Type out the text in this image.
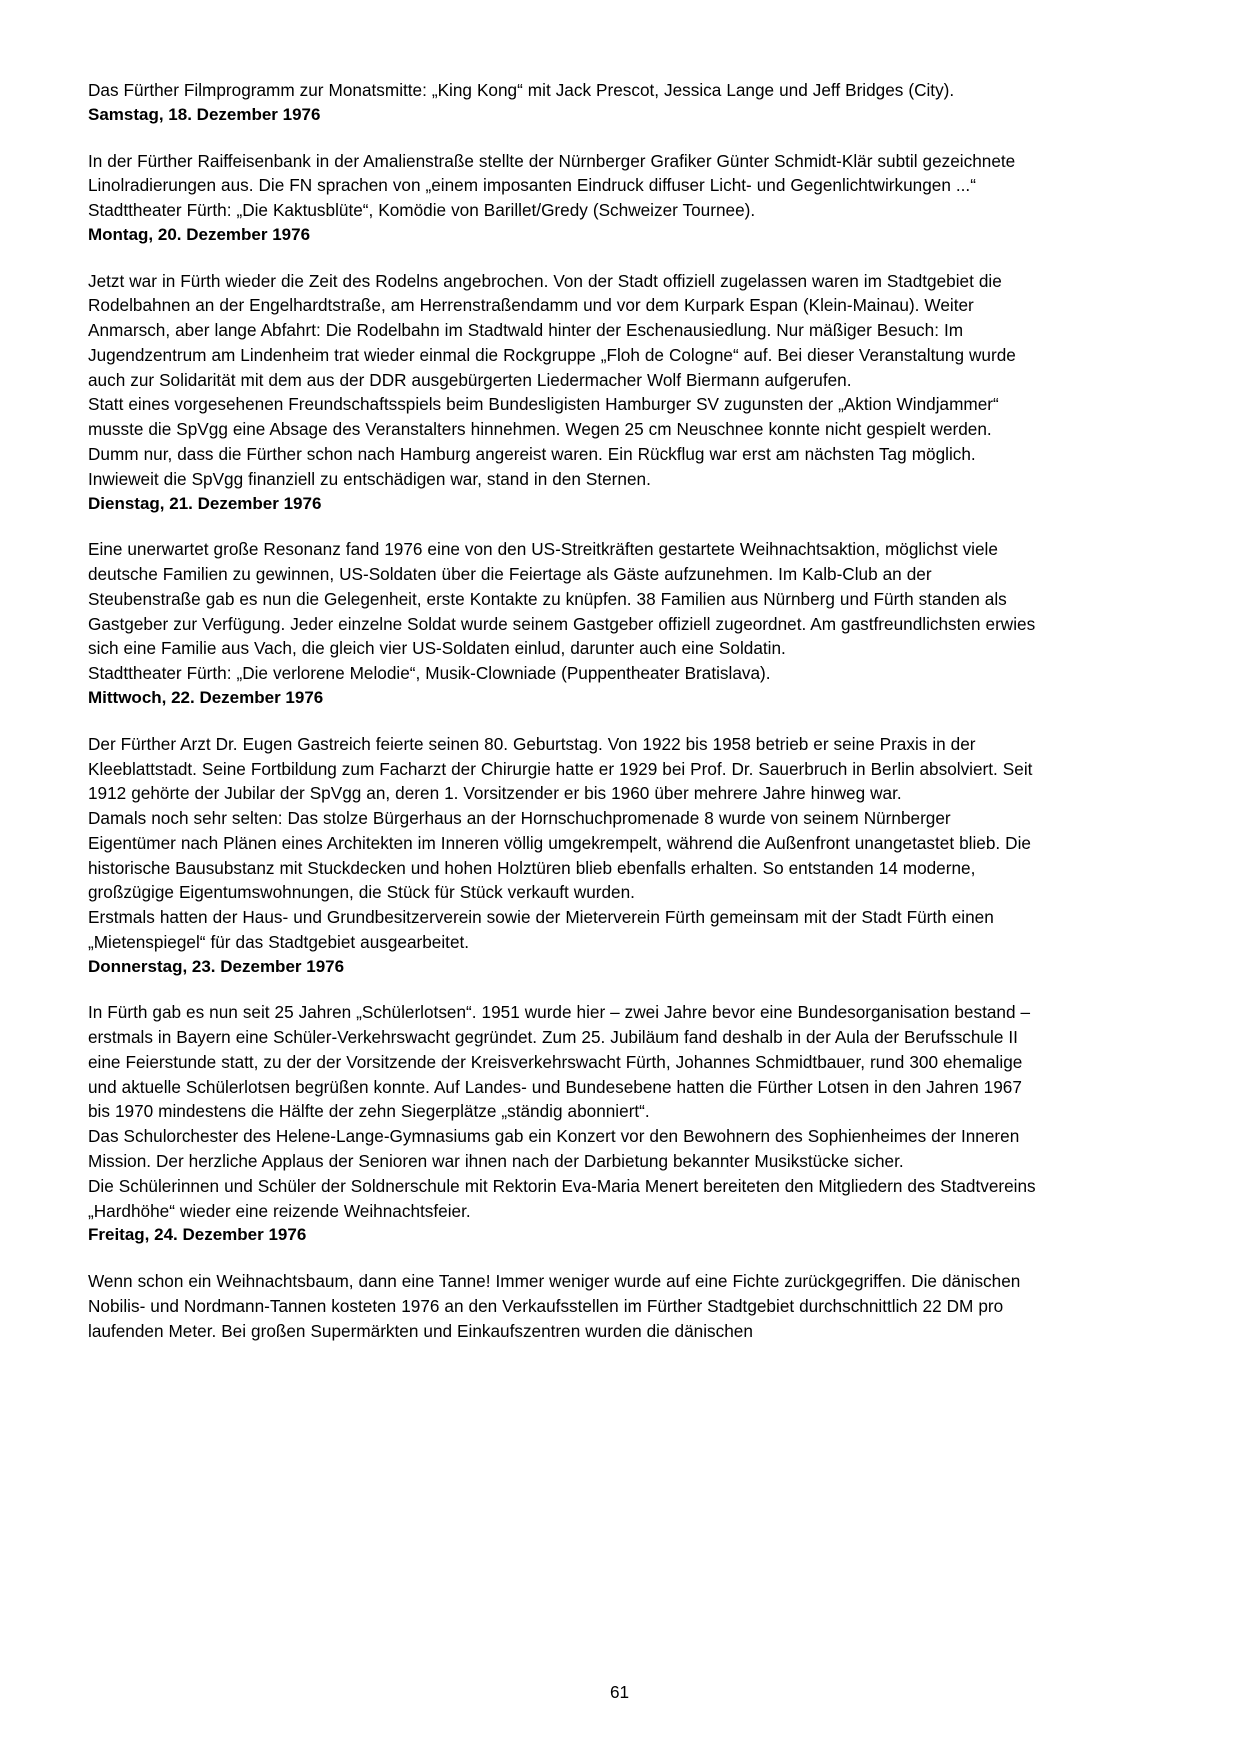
Das Fürther Filmprogramm zur Monatsmitte: „King Kong“ mit Jack Prescot, Jessica Lange und Jeff Bridges (City).

Samstag, 18. Dezember 1976

In der Fürther Raiffeisenbank in der Amalienstraße stellte der Nürnberger Grafiker Günter Schmidt-Klär subtil gezeichnete Linolradierungen aus. Die FN sprachen von „einem imposanten Eindruck diffuser Licht- und Gegenlichtwirkungen ...“
Stadttheater Fürth: „Die Kaktusblüte“, Komödie von Barillet/Gredy (Schweizer Tournee).

Montag, 20. Dezember 1976

Jetzt war in Fürth wieder die Zeit des Rodelns angebrochen. Von der Stadt offiziell zugelassen waren im Stadtgebiet die Rodelbahnen an der Engelhardtstraße, am Herrenstraßendamm und vor dem Kurpark Espan (Klein-Mainau). Weiter Anmarsch, aber lange Abfahrt: Die Rodelbahn im Stadtwald hinter der Eschenausiedlung. Nur mäßiger Besuch: Im Jugendzentrum am Lindenheim trat wieder einmal die Rockgruppe „Floh de Cologne“ auf. Bei dieser Veranstaltung wurde auch zur Solidarität mit dem aus der DDR ausgebürgerten Liedermacher Wolf Biermann aufgerufen.
Statt eines vorgesehenen Freundschaftsspiels beim Bundesligisten Hamburger SV zugunsten der „Aktion Windjammer“ musste die SpVgg eine Absage des Veranstalters hinnehmen. Wegen 25 cm Neuschnee konnte nicht gespielt werden. Dumm nur, dass die Fürther schon nach Hamburg angereist waren. Ein Rückflug war erst am nächsten Tag möglich. Inwieweit die SpVgg finanziell zu entschädigen war, stand in den Sternen.

Dienstag, 21. Dezember 1976

Eine unerwartet große Resonanz fand 1976 eine von den US-Streitkräften gestartete Weihnachtsaktion, möglichst viele deutsche Familien zu gewinnen, US-Soldaten über die Feiertage als Gäste aufzunehmen. Im Kalb-Club an der Steubenstraße gab es nun die Gelegenheit, erste Kontakte zu knüpfen. 38 Familien aus Nürnberg und Fürth standen als Gastgeber zur Verfügung. Jeder einzelne Soldat wurde seinem Gastgeber offiziell zugeordnet. Am gastfreundlichsten erwies sich eine Familie aus Vach, die gleich vier US-Soldaten einlud, darunter auch eine Soldatin.
Stadttheater Fürth: „Die verlorene Melodie“, Musik-Clowniade (Puppentheater Bratislava).

Mittwoch, 22. Dezember 1976

Der Fürther Arzt Dr. Eugen Gastreich feierte seinen 80. Geburtstag. Von 1922 bis 1958 betrieb er seine Praxis in der Kleeblattstadt. Seine Fortbildung zum Facharzt der Chirurgie hatte er 1929 bei Prof. Dr. Sauerbruch in Berlin absolviert. Seit 1912 gehörte der Jubilar der SpVgg an, deren 1. Vorsitzender er bis 1960 über mehrere Jahre hinweg war.
Damals noch sehr selten: Das stolze Bürgerhaus an der Hornschuchpromenade 8 wurde von seinem Nürnberger Eigentümer nach Plänen eines Architekten im Inneren völlig umgekrempelt, während die Außenfront unangetastet blieb. Die historische Bausubstanz mit Stuckdecken und hohen Holztüren blieb ebenfalls erhalten. So entstanden 14 moderne, großzügige Eigentumswohnungen, die Stück für Stück verkauft wurden.
Erstmals hatten der Haus- und Grundbesitzerverein sowie der Mieterverein Fürth gemeinsam mit der Stadt Fürth einen „Mietenspiegel“ für das Stadtgebiet ausgearbeitet.

Donnerstag, 23. Dezember 1976

In Fürth gab es nun seit 25 Jahren „Schülerlotsen“. 1951 wurde hier – zwei Jahre bevor eine Bundesorganisation bestand – erstmals in Bayern eine Schüler-Verkehrswacht gegründet. Zum 25. Jubiläum fand deshalb in der Aula der Berufsschule II eine Feierstunde statt, zu der der Vorsitzende der Kreisverkehrswacht Fürth, Johannes Schmidtbauer, rund 300 ehemalige und aktuelle Schülerlotsen begrüßen konnte. Auf Landes- und Bundesebene hatten die Fürther Lotsen in den Jahren 1967 bis 1970 mindestens die Hälfte der zehn Siegerplätze „ständig abonniert“.
Das Schulorchester des Helene-Lange-Gymnasiums gab ein Konzert vor den Bewohnern des Sophienheimes der Inneren Mission. Der herzliche Applaus der Senioren war ihnen nach der Darbietung bekannter Musikstücke sicher.
Die Schülerinnen und Schüler der Soldnerschule mit Rektorin Eva-Maria Menert bereiteten den Mitgliedern des Stadtvereins „Hardhöhe“ wieder eine reizende Weihnachtsfeier.

Freitag, 24. Dezember 1976

Wenn schon ein Weihnachtsbaum, dann eine Tanne! Immer weniger wurde auf eine Fichte zurückgegriffen. Die dänischen Nobilis- und Nordmann-Tannen kosteten 1976 an den Verkaufsstellen im Fürther Stadtgebiet durchschnittlich 22 DM pro laufenden Meter. Bei großen Supermärkten und Einkaufszentren wurden die dänischen

61
